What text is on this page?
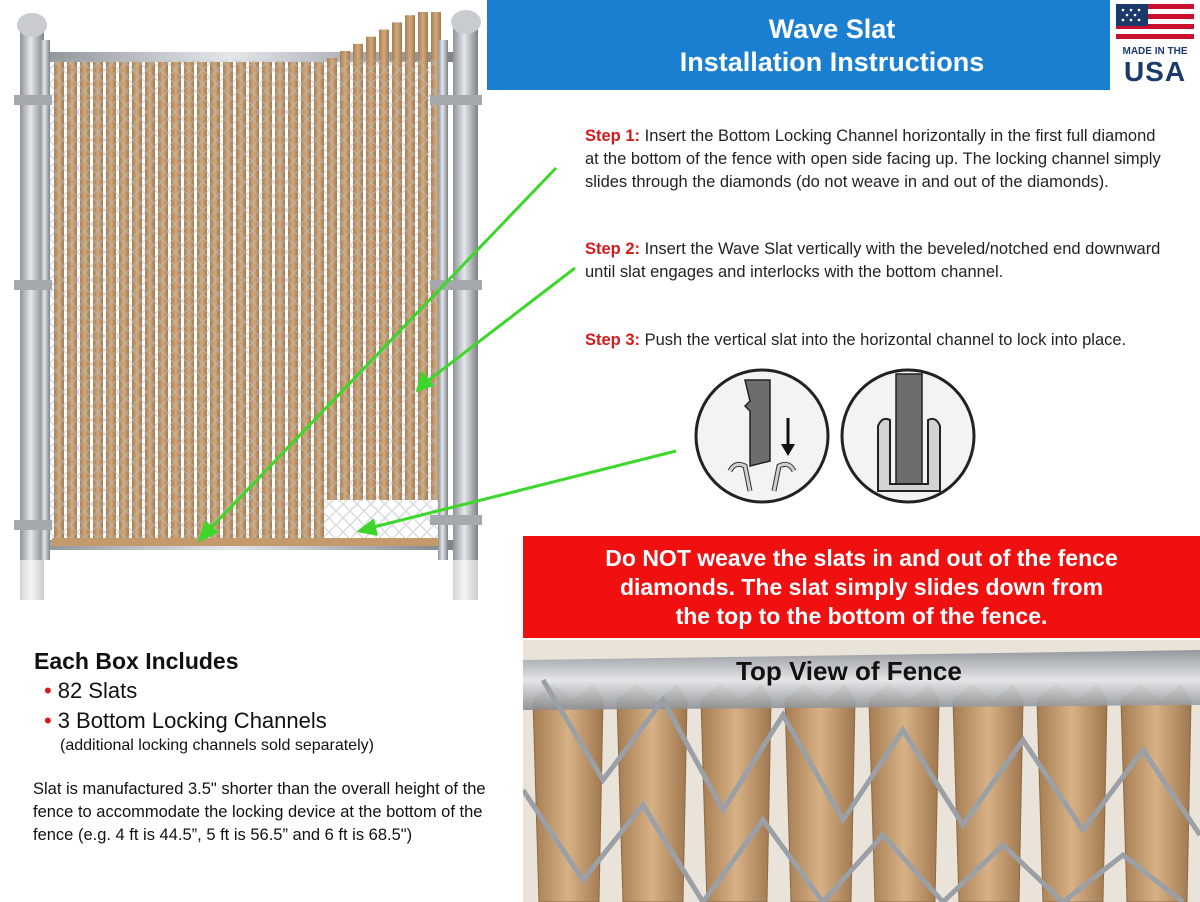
Wave Slat
Installation Instructions	MADE IN THE
USA
Step 1: Insert the Bottom Locking Channel horizontally in the first full diamond at the bottom of the fence with open side facing up. The locking channel simply slides through the diamonds (do not weave in and out of the diamonds).
Step 2: Insert the Wave Slat vertically with the beveled/notched end downward until slat engages and interlocks with the bottom channel.
Step 3: Push the vertical slat into the horizontal channel to lock into place.
Do NOT weave the slats in and out of the fence
diamonds. The slat simply slides down from
the top to the bottom of the fence.
Top View of Fence
Each Box Includes
• 82 Slats
• 3 Bottom Locking Channels
(additional locking channels sold separately)
Slat is manufactured 3.5" shorter than the overall height of the fence to accommodate the locking device at the bottom of the fence (e.g. 4 ft is 44.5”, 5 ft is 56.5” and 6 ft is 68.5")
